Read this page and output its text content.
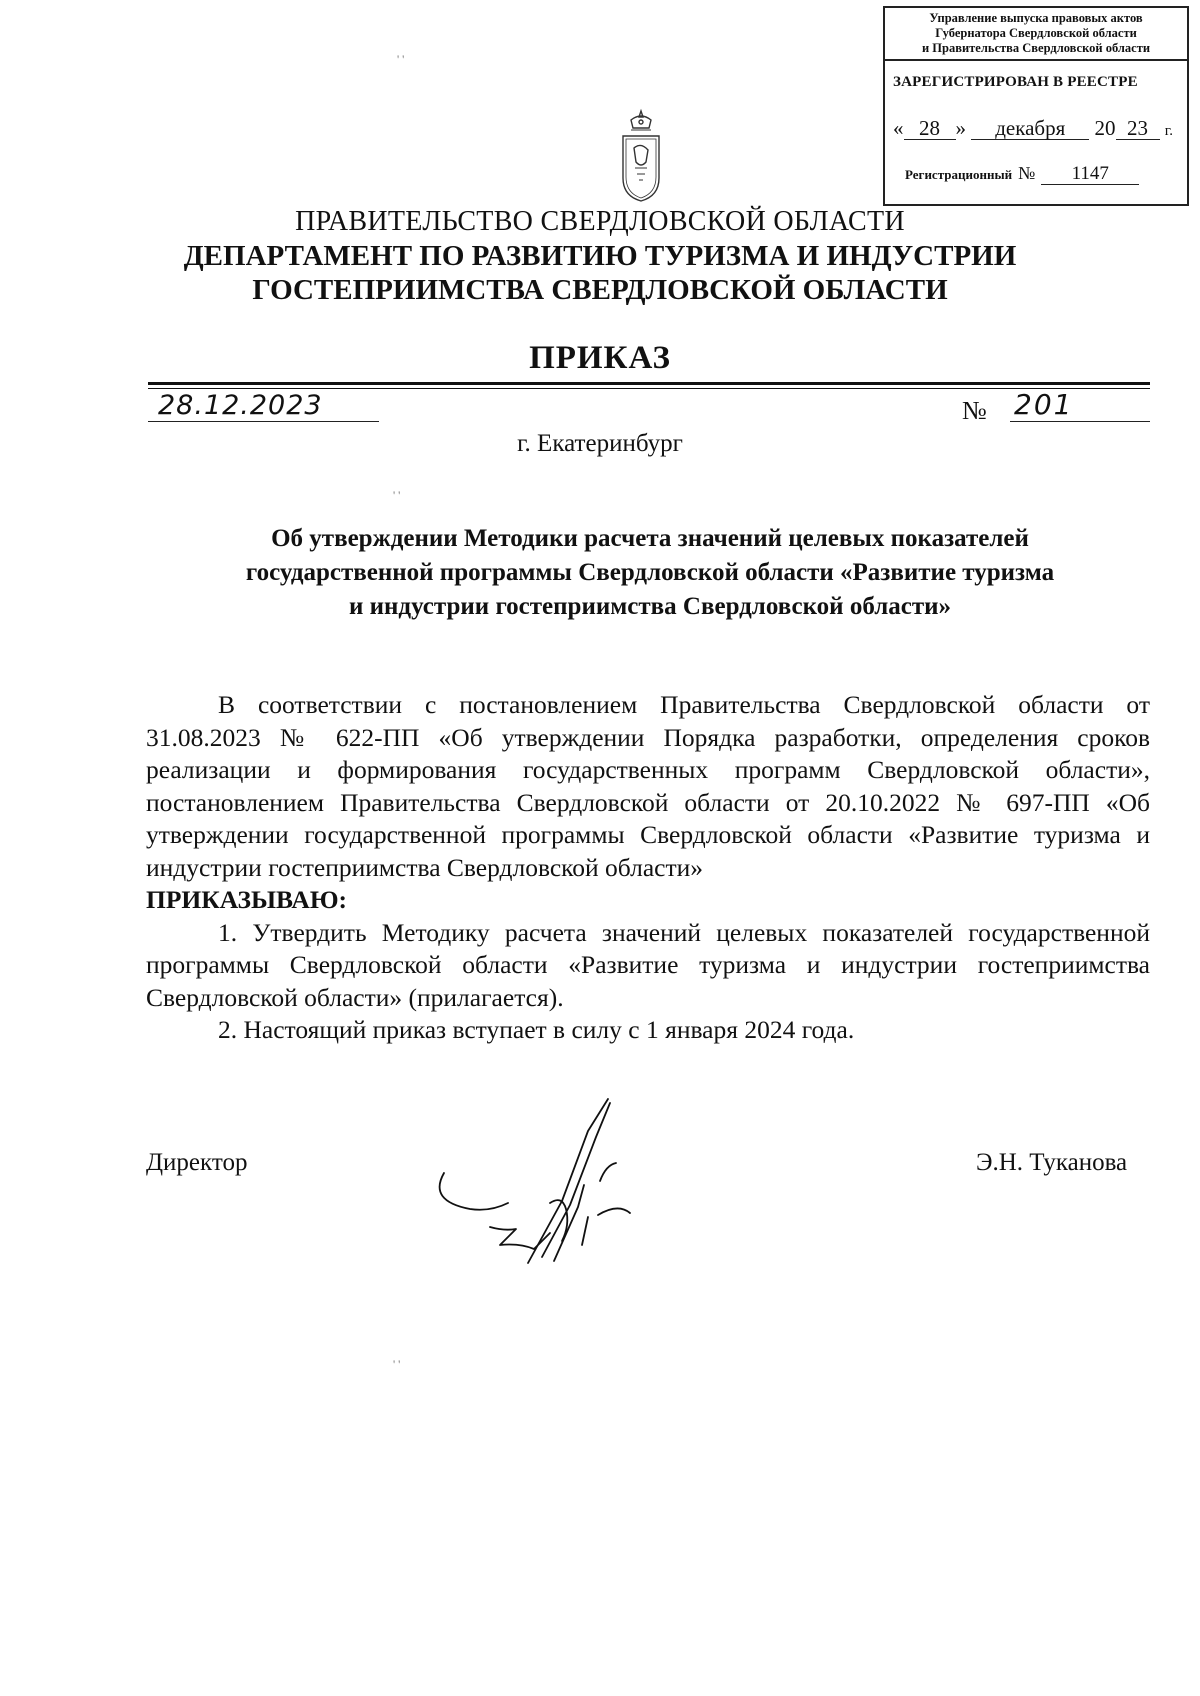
' '
' '
' '
Управление выпуска правовых актов
Губернатора Свердловской области
и Правительства Свердловской области
ЗАРЕГИСТРИРОВАН В РЕЕСТРЕ
« 28 » декабря 20 23 г.
Регистрационный № 1147
ПРАВИТЕЛЬСТВО СВЕРДЛОВСКОЙ ОБЛАСТИ
ДЕПАРТАМЕНТ ПО РАЗВИТИЮ ТУРИЗМА И ИНДУСТРИИ
ГОСТЕПРИИМСТВА СВЕРДЛОВСКОЙ ОБЛАСТИ
ПРИКАЗ
28.12.2023	№ 201
г. Екатеринбург
Об утверждении Методики расчета значений целевых показателей
государственной программы Свердловской области «Развитие туризма
и индустрии гостеприимства Свердловской области»

В соответствии с постановлением Правительства Свердловской области от 31.08.2023 № 622-ПП «Об утверждении Порядка разработки, определения сроков реализации и формирования государственных программ Свердловской области», постановлением Правительства Свердловской области от 20.10.2022 № 697-ПП «Об утверждении государственной программы Свердловской области «Развитие туризма и индустрии гостеприимства Свердловской области»

ПРИКАЗЫВАЮ:

1. Утвердить Методику расчета значений целевых показателей государственной программы Свердловской области «Развитие туризма и индустрии гостеприимства Свердловской области» (прилагается).

2. Настоящий приказ вступает в силу с 1 января 2024 года.

Директор	Э.Н. Туканова
